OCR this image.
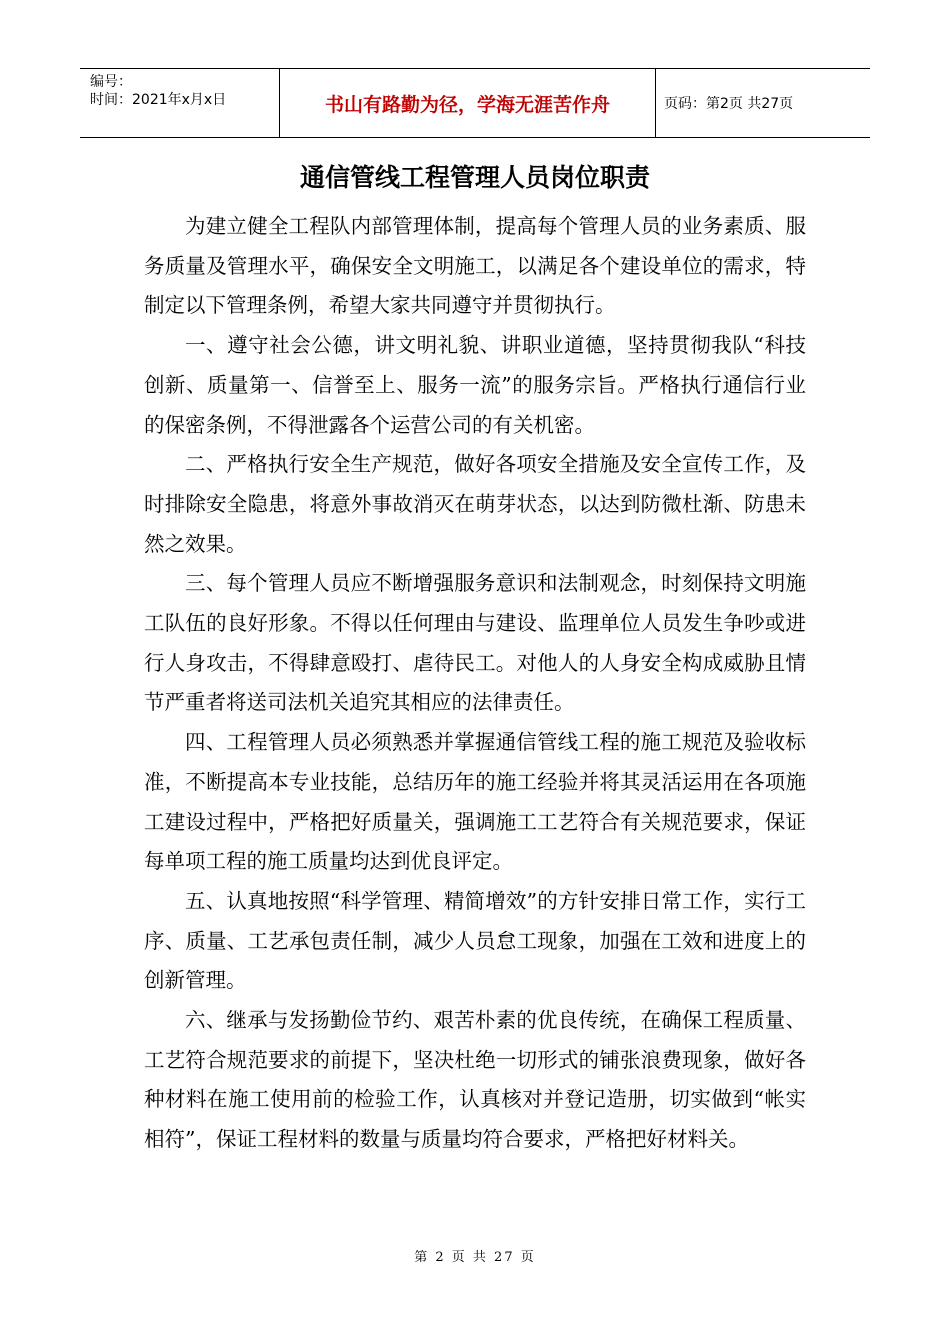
编号：
时间：2021年x月x日	书山有路勤为径，学海无涯苦作舟	页码：第2页 共27页
通信管线工程管理人员岗位职责

为建立健全工程队内部管理体制，提高每个管理人员的业务素质、服务质量及管理水平，确保安全文明施工，以满足各个建设单位的需求，特制定以下管理条例，希望大家共同遵守并贯彻执行。

一、遵守社会公德，讲文明礼貌、讲职业道德，坚持贯彻我队“科技创新、质量第一、信誉至上、服务一流”的服务宗旨。严格执行通信行业的保密条例，不得泄露各个运营公司的有关机密。

二、严格执行安全生产规范，做好各项安全措施及安全宣传工作，及时排除安全隐患，将意外事故消灭在萌芽状态，以达到防微杜渐、防患未然之效果。

三、每个管理人员应不断增强服务意识和法制观念，时刻保持文明施工队伍的良好形象。不得以任何理由与建设、监理单位人员发生争吵或进行人身攻击，不得肆意殴打、虐待民工。对他人的人身安全构成威胁且情节严重者将送司法机关追究其相应的法律责任。

四、工程管理人员必须熟悉并掌握通信管线工程的施工规范及验收标准，不断提高本专业技能，总结历年的施工经验并将其灵活运用在各项施工建设过程中，严格把好质量关，强调施工工艺符合有关规范要求，保证每单项工程的施工质量均达到优良评定。

五、认真地按照“科学管理、精简增效”的方针安排日常工作，实行工序、质量、工艺承包责任制，减少人员怠工现象，加强在工效和进度上的创新管理。

六、继承与发扬勤俭节约、艰苦朴素的优良传统，在确保工程质量、工艺符合规范要求的前提下，坚决杜绝一切形式的铺张浪费现象，做好各种材料在施工使用前的检验工作，认真核对并登记造册，切实做到“帐实相符”，保证工程材料的数量与质量均符合要求，严格把好材料关。

第 2 页 共 27 页
